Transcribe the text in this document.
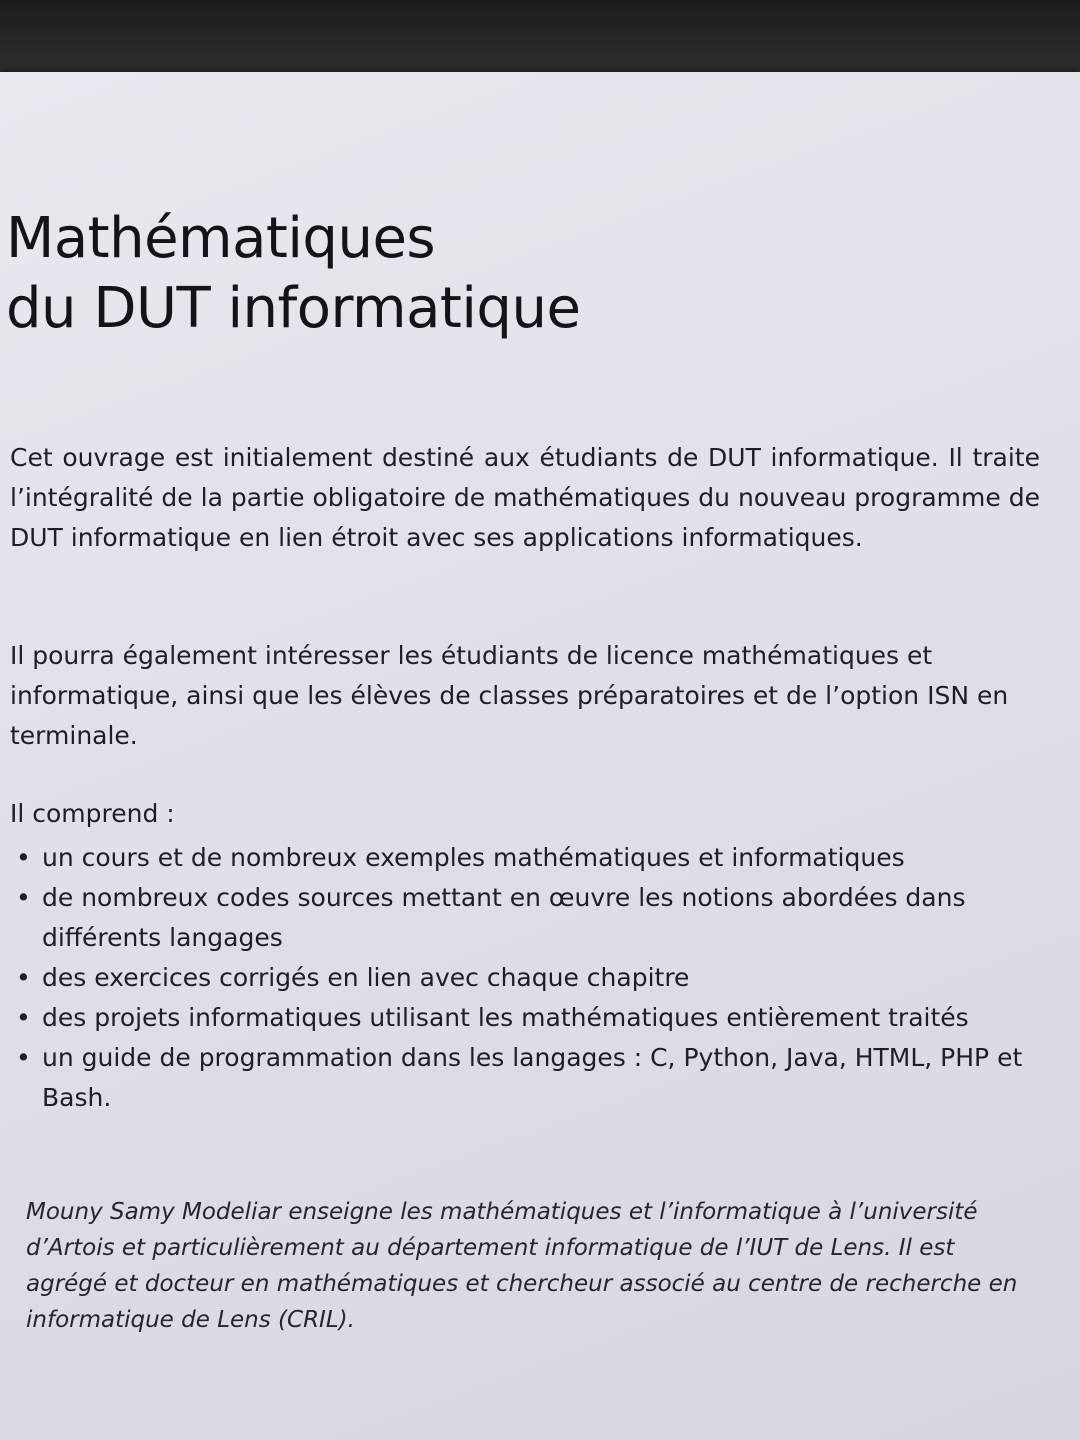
Mathématiques
du DUT informatique

Cet ouvrage est initialement destiné aux étudiants de DUT informatique. Il traite l’intégralité de la partie obligatoire de mathématiques du nouveau programme de DUT informatique en lien étroit avec ses applications informatiques.

Il pourra également intéresser les étudiants de licence mathématiques et informatique, ainsi que les élèves de classes préparatoires et de l’option ISN en terminale.

Il comprend :

• un cours et de nombreux exemples mathématiques et informatiques
• de nombreux codes sources mettant en œuvre les notions abordées dans différents langages
• des exercices corrigés en lien avec chaque chapitre
• des projets informatiques utilisant les mathématiques entièrement traités
• un guide de programmation dans les langages : C, Python, Java, HTML, PHP et Bash.

Mouny Samy Modeliar enseigne les mathématiques et l’informatique à l’université d’Artois et particulièrement au département informatique de l’IUT de Lens. Il est agrégé et docteur en mathématiques et chercheur associé au centre de recherche en informatique de Lens (CRIL).
